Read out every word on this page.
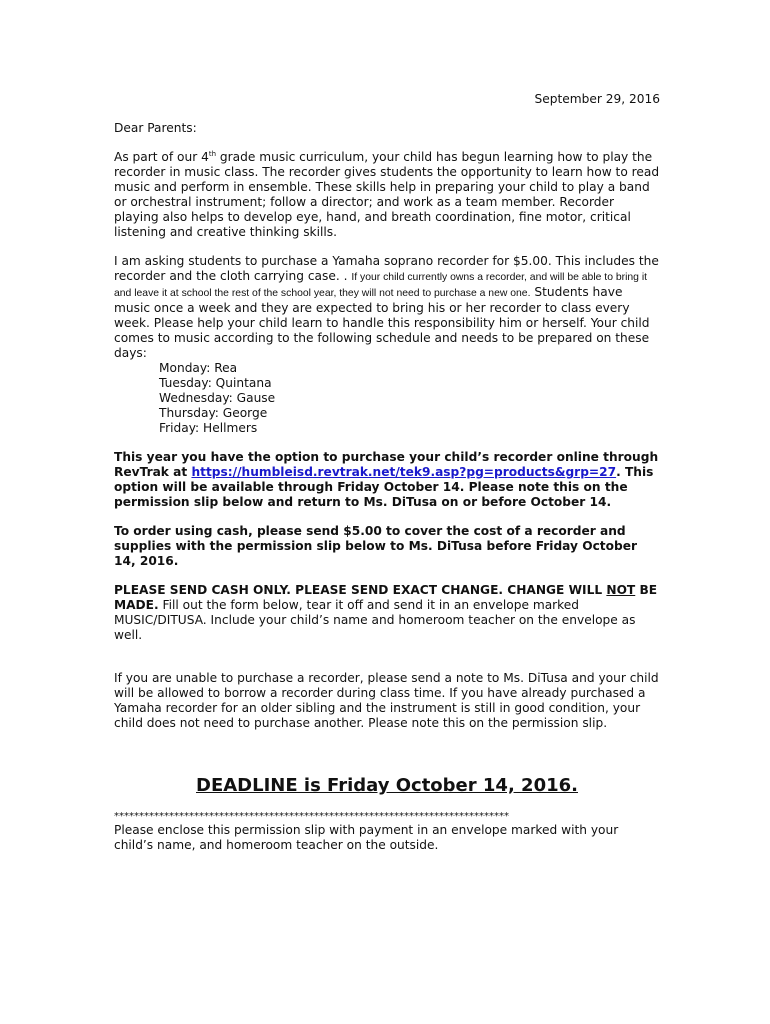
September 29, 2016

Dear Parents:

As part of our 4th grade music curriculum, your child has begun learning how to play the recorder in music class. The recorder gives students the opportunity to learn how to read music and perform in ensemble. These skills help in preparing your child to play a band or orchestral instrument; follow a director; and work as a team member. Recorder playing also helps to develop eye, hand, and breath coordination, fine motor, critical listening and creative thinking skills.

I am asking students to purchase a Yamaha soprano recorder for $5.00. This includes the recorder and the cloth carrying case. . If your child currently owns a recorder, and will be able to bring it and leave it at school the rest of the school year, they will not need to purchase a new one. Students have music once a week and they are expected to bring his or her recorder to class every week. Please help your child learn to handle this responsibility him or herself. Your child comes to music according to the following schedule and needs to be prepared on these days:

Monday: Rea
Tuesday: Quintana
Wednesday: Gause
Thursday: George
Friday: Hellmers

This year you have the option to purchase your child’s recorder online through RevTrak at https://humbleisd.revtrak.net/tek9.asp?pg=products&grp=27. This option will be available through Friday October 14. Please note this on the permission slip below and return to Ms. DiTusa on or before October 14.

To order using cash, please send $5.00 to cover the cost of a recorder and supplies with the permission slip below to Ms. DiTusa before Friday October 14, 2016.

PLEASE SEND CASH ONLY. PLEASE SEND EXACT CHANGE. CHANGE WILL NOT BE MADE. Fill out the form below, tear it off and send it in an envelope marked MUSIC/DITUSA. Include your child’s name and homeroom teacher on the envelope as well.

If you are unable to purchase a recorder, please send a note to Ms. DiTusa and your child will be allowed to borrow a recorder during class time. If you have already purchased a Yamaha recorder for an older sibling and the instrument is still in good condition, your child does not need to purchase another. Please note this on the permission slip.

DEADLINE is Friday October 14, 2016.

*******************************************************************************

Please enclose this permission slip with payment in an envelope marked with your child’s name, and homeroom teacher on the outside.
